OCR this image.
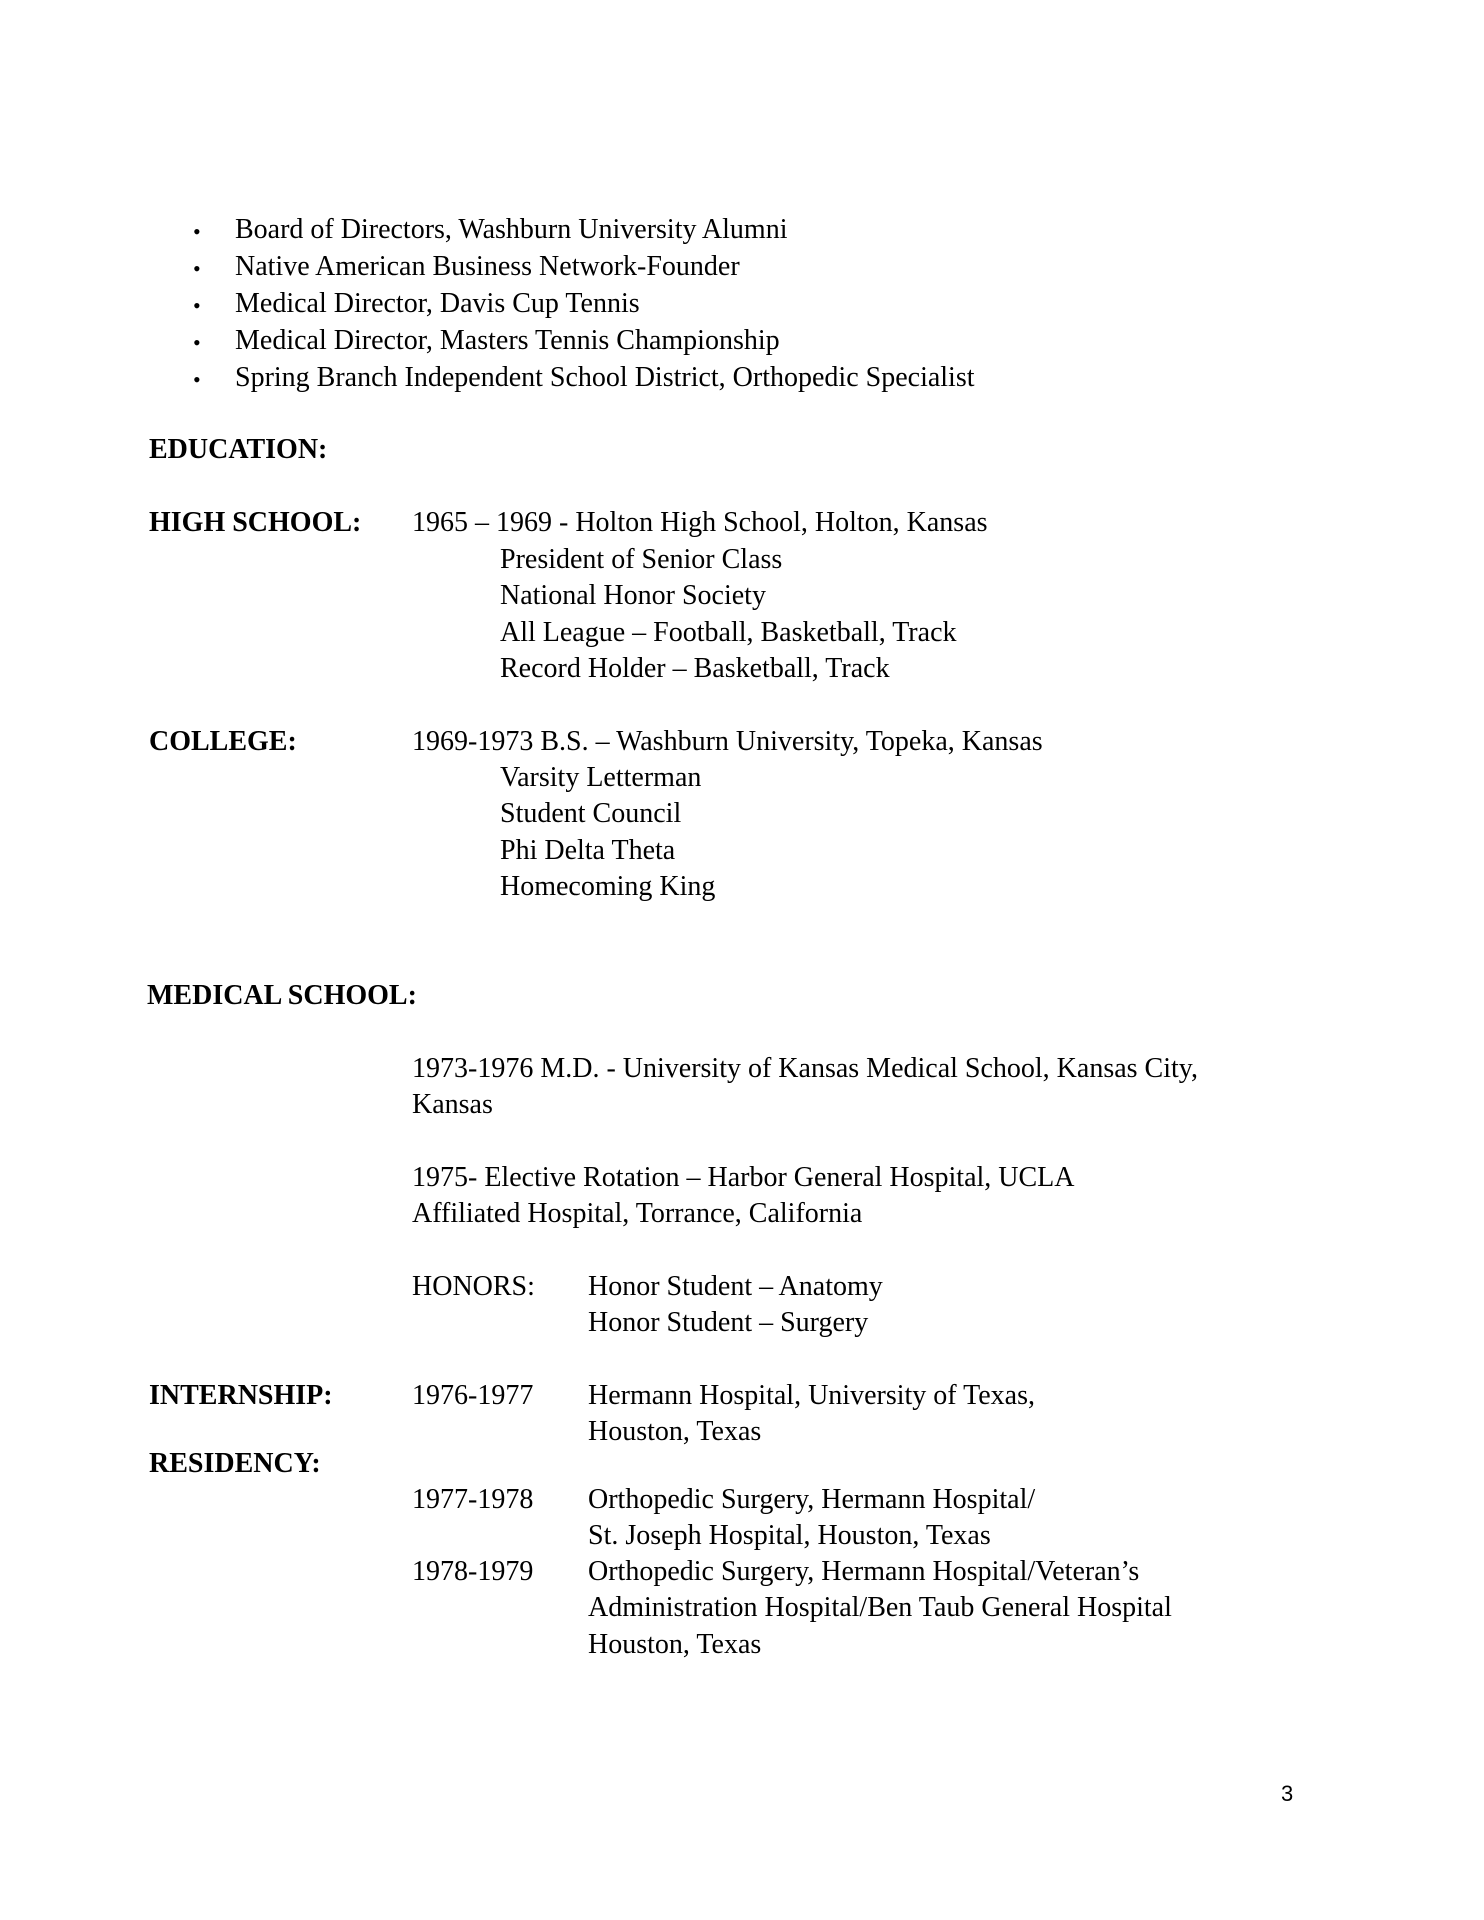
• Board of Directors, Washburn University Alumni
• Native American Business Network-Founder
• Medical Director, Davis Cup Tennis
• Medical Director, Masters Tennis Championship
• Spring Branch Independent School District, Orthopedic Specialist
EDUCATION:
HIGH SCHOOL: 1965 – 1969 - Holton High School, Holton, Kansas
President of Senior Class
National Honor Society
All League – Football, Basketball, Track
Record Holder – Basketball, Track
COLLEGE:	1969-1973 B.S. – Washburn University, Topeka, Kansas
Varsity Letterman
Student Council
Phi Delta Theta
Homecoming King
MEDICAL SCHOOL:
1973-1976 M.D. - University of Kansas Medical School, Kansas City,
Kansas
1975- Elective Rotation – Harbor General Hospital, UCLA
Affiliated Hospital, Torrance, California
HONORS: Honor Student – Anatomy
Honor Student – Surgery
INTERNSHIP:	1976-1977 Hermann Hospital, University of Texas,
Houston, Texas
RESIDENCY:
1977-1978 Orthopedic Surgery, Hermann Hospital/
St. Joseph Hospital, Houston, Texas
1978-1979 Orthopedic Surgery, Hermann Hospital/Veteran’s
Administration Hospital/Ben Taub General Hospital
Houston, Texas
3
